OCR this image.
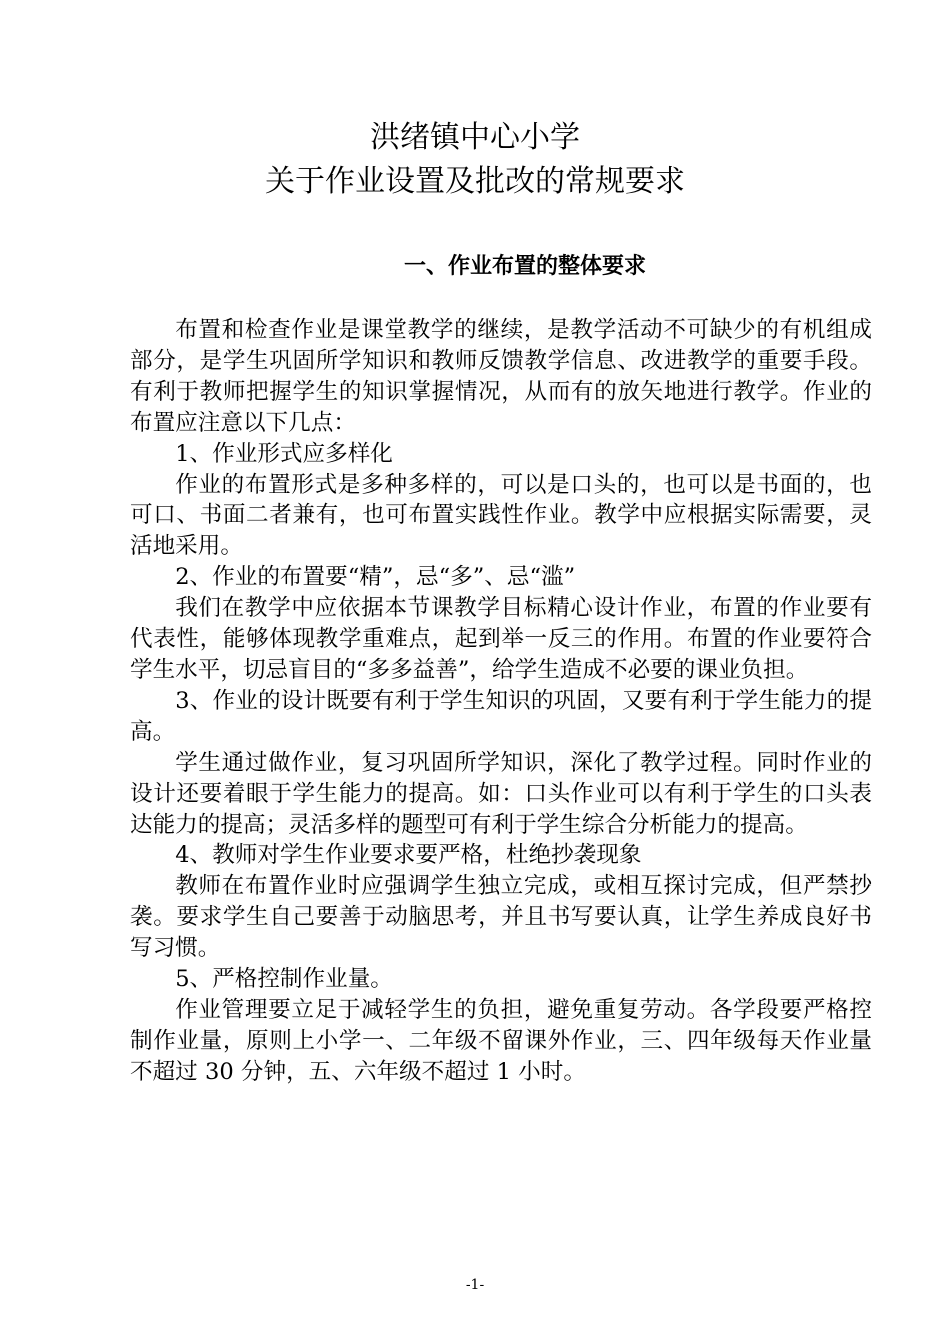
洪绪镇中心小学
关于作业设置及批改的常规要求
一、作业布置的整体要求

布置和检查作业是课堂教学的继续，是教学活动不可缺少的有机组成部分，是学生巩固所学知识和教师反馈教学信息、改进教学的重要手段。有利于教师把握学生的知识掌握情况，从而有的放矢地进行教学。作业的布置应注意以下几点：

1、作业形式应多样化

作业的布置形式是多种多样的，可以是口头的，也可以是书面的，也可口、书面二者兼有，也可布置实践性作业。教学中应根据实际需要，灵活地采用。

2、作业的布置要“精”，忌“多”、忌“滥”

我们在教学中应依据本节课教学目标精心设计作业，布置的作业要有代表性，能够体现教学重难点，起到举一反三的作用。布置的作业要符合学生水平，切忌盲目的“多多益善”，给学生造成不必要的课业负担。

3、作业的设计既要有利于学生知识的巩固，又要有利于学生能力的提高。

学生通过做作业，复习巩固所学知识，深化了教学过程。同时作业的设计还要着眼于学生能力的提高。如：口头作业可以有利于学生的口头表达能力的提高；灵活多样的题型可有利于学生综合分析能力的提高。

4、教师对学生作业要求要严格，杜绝抄袭现象

教师在布置作业时应强调学生独立完成，或相互探讨完成，但严禁抄袭。要求学生自己要善于动脑思考，并且书写要认真，让学生养成良好书写习惯。

5、严格控制作业量。

作业管理要立足于减轻学生的负担，避免重复劳动。各学段要严格控制作业量，原则上小学一、二年级不留课外作业，三、四年级每天作业量不超过 30 分钟，五、六年级不超过 1 小时。

-1-
